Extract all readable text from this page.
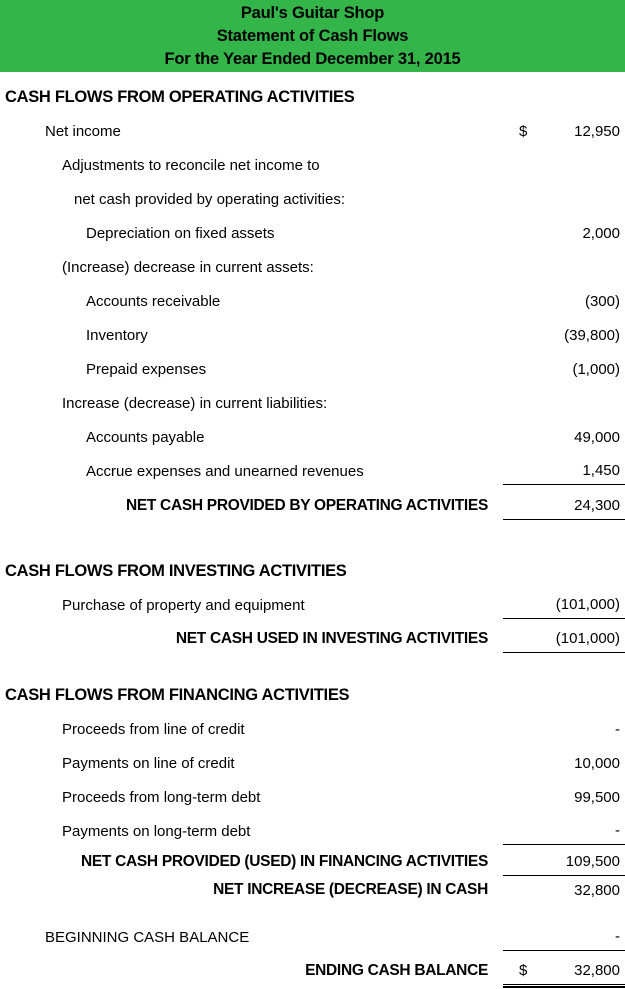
Paul's Guitar Shop
Statement of Cash Flows
For the Year Ended December 31, 2015
CASH FLOWS FROM OPERATING ACTIVITIES
Net income	$	12,950
Adjustments to reconcile net income to
net cash provided by operating activities:
Depreciation on fixed assets	2,000
(Increase) decrease in current assets:
Accounts receivable	(300)
Inventory	(39,800)
Prepaid expenses	(1,000)
Increase (decrease) in current liabilities:
Accounts payable	49,000
Accrue expenses and unearned revenues	1,450
NET CASH PROVIDED BY OPERATING ACTIVITIES	24,300
CASH FLOWS FROM INVESTING ACTIVITIES
Purchase of property and equipment	(101,000)
NET CASH USED IN INVESTING ACTIVITIES	(101,000)
CASH FLOWS FROM FINANCING ACTIVITIES
Proceeds from line of credit	-
Payments on line of credit	10,000
Proceeds from long-term debt	99,500
Payments on long-term debt	-
NET CASH PROVIDED (USED) IN FINANCING ACTIVITIES	109,500
NET INCREASE (DECREASE) IN CASH	32,800
BEGINNING CASH BALANCE	-
ENDING CASH BALANCE	$	32,800
